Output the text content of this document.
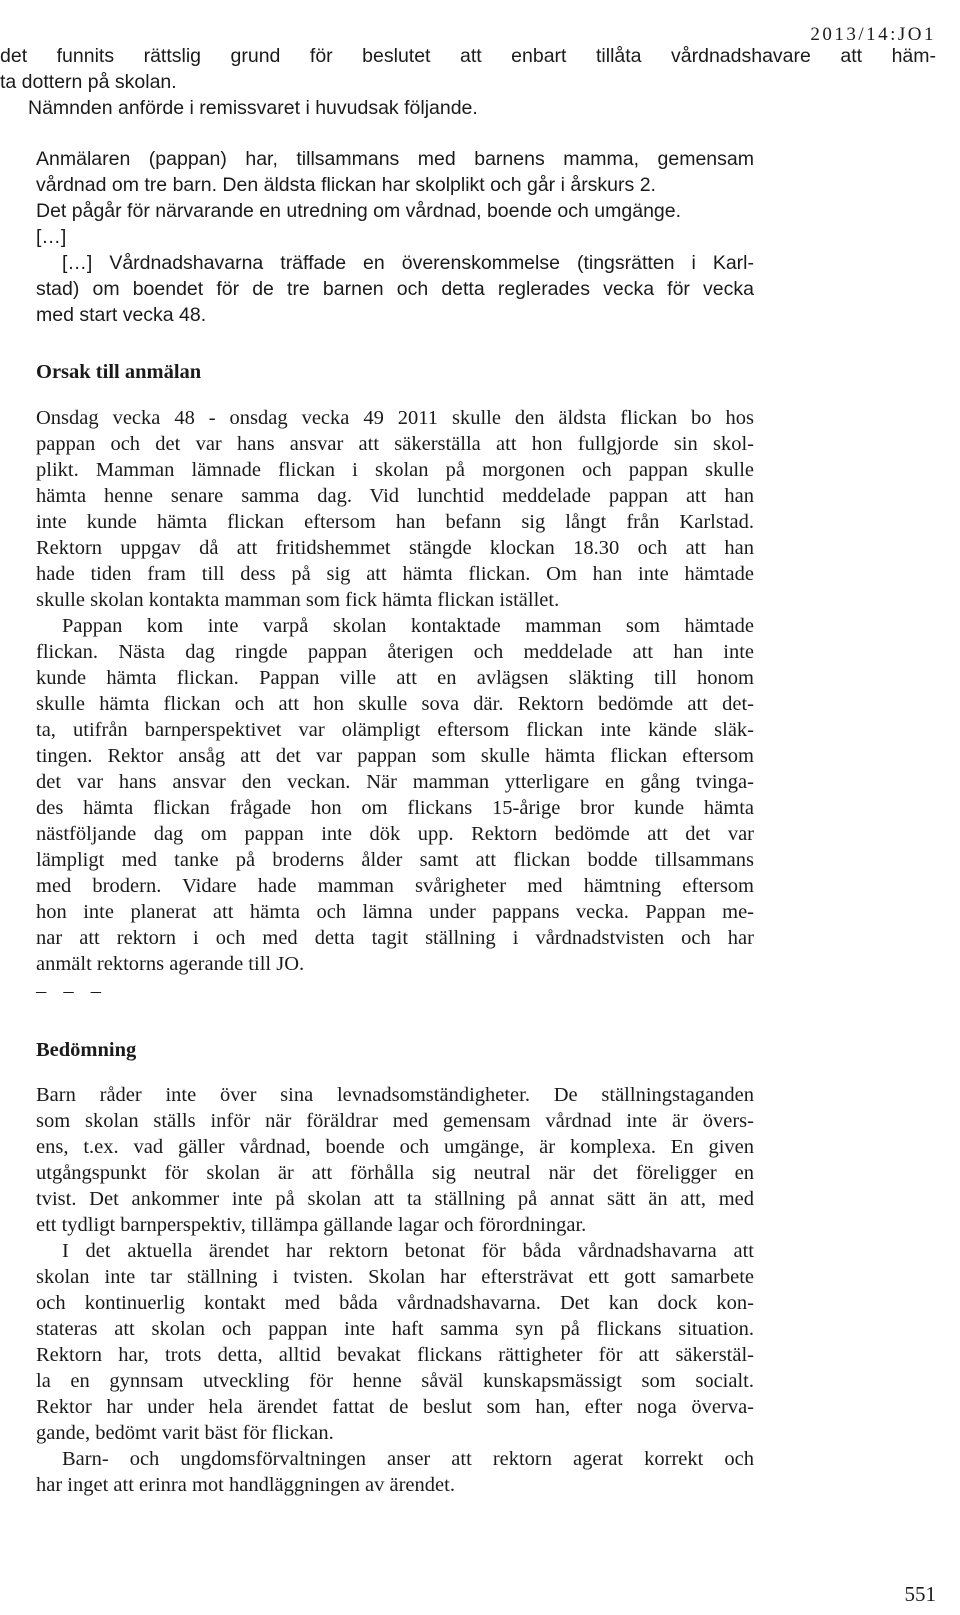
2013/14:JO1
det funnits rättslig grund för beslutet att enbart tillåta vårdnadshavare att häm-
ta dottern på skolan.
Nämnden anförde i remissvaret i huvudsak följande.
Anmälaren (pappan) har, tillsammans med barnens mamma, gemensam
vårdnad om tre barn. Den äldsta flickan har skolplikt och går i årskurs 2.
Det pågår för närvarande en utredning om vårdnad, boende och umgänge.
[…]
[…] Vårdnadshavarna träffade en överenskommelse (tingsrätten i Karl-
stad) om boendet för de tre barnen och detta reglerades vecka för vecka
med start vecka 48.
Orsak till anmälan
Onsdag vecka 48 - onsdag vecka 49 2011 skulle den äldsta flickan bo hos
pappan och det var hans ansvar att säkerställa att hon fullgjorde sin skol-
plikt. Mamman lämnade flickan i skolan på morgonen och pappan skulle
hämta henne senare samma dag. Vid lunchtid meddelade pappan att han
inte kunde hämta flickan eftersom han befann sig långt från Karlstad.
Rektorn uppgav då att fritidshemmet stängde klockan 18.30 och att han
hade tiden fram till dess på sig att hämta flickan. Om han inte hämtade
skulle skolan kontakta mamman som fick hämta flickan istället.
Pappan kom inte varpå skolan kontaktade mamman som hämtade
flickan. Nästa dag ringde pappan återigen och meddelade att han inte
kunde hämta flickan. Pappan ville att en avlägsen släkting till honom
skulle hämta flickan och att hon skulle sova där. Rektorn bedömde att det-
ta, utifrån barnperspektivet var olämpligt eftersom flickan inte kände släk-
tingen. Rektor ansåg att det var pappan som skulle hämta flickan eftersom
det var hans ansvar den veckan. När mamman ytterligare en gång tvinga-
des hämta flickan frågade hon om flickans 15-årige bror kunde hämta
nästföljande dag om pappan inte dök upp. Rektorn bedömde att det var
lämpligt med tanke på broderns ålder samt att flickan bodde tillsammans
med brodern. Vidare hade mamman svårigheter med hämtning eftersom
hon inte planerat att hämta och lämna under pappans vecka. Pappan me-
nar att rektorn i och med detta tagit ställning i vårdnadstvisten och har
anmält rektorns agerande till JO.
– – –
Bedömning
Barn råder inte över sina levnadsomständigheter. De ställningstaganden
som skolan ställs inför när föräldrar med gemensam vårdnad inte är övers-
ens, t.ex. vad gäller vårdnad, boende och umgänge, är komplexa. En given
utgångspunkt för skolan är att förhålla sig neutral när det föreligger en
tvist. Det ankommer inte på skolan att ta ställning på annat sätt än att, med
ett tydligt barnperspektiv, tillämpa gällande lagar och förordningar.
I det aktuella ärendet har rektorn betonat för båda vårdnadshavarna att
skolan inte tar ställning i tvisten. Skolan har eftersträvat ett gott samarbete
och kontinuerlig kontakt med båda vårdnadshavarna. Det kan dock kon-
stateras att skolan och pappan inte haft samma syn på flickans situation.
Rektorn har, trots detta, alltid bevakat flickans rättigheter för att säkerstäl-
la en gynnsam utveckling för henne såväl kunskapsmässigt som socialt.
Rektor har under hela ärendet fattat de beslut som han, efter noga överva-
gande, bedömt varit bäst för flickan.
Barn- och ungdomsförvaltningen anser att rektorn agerat korrekt och
har inget att erinra mot handläggningen av ärendet.
551
